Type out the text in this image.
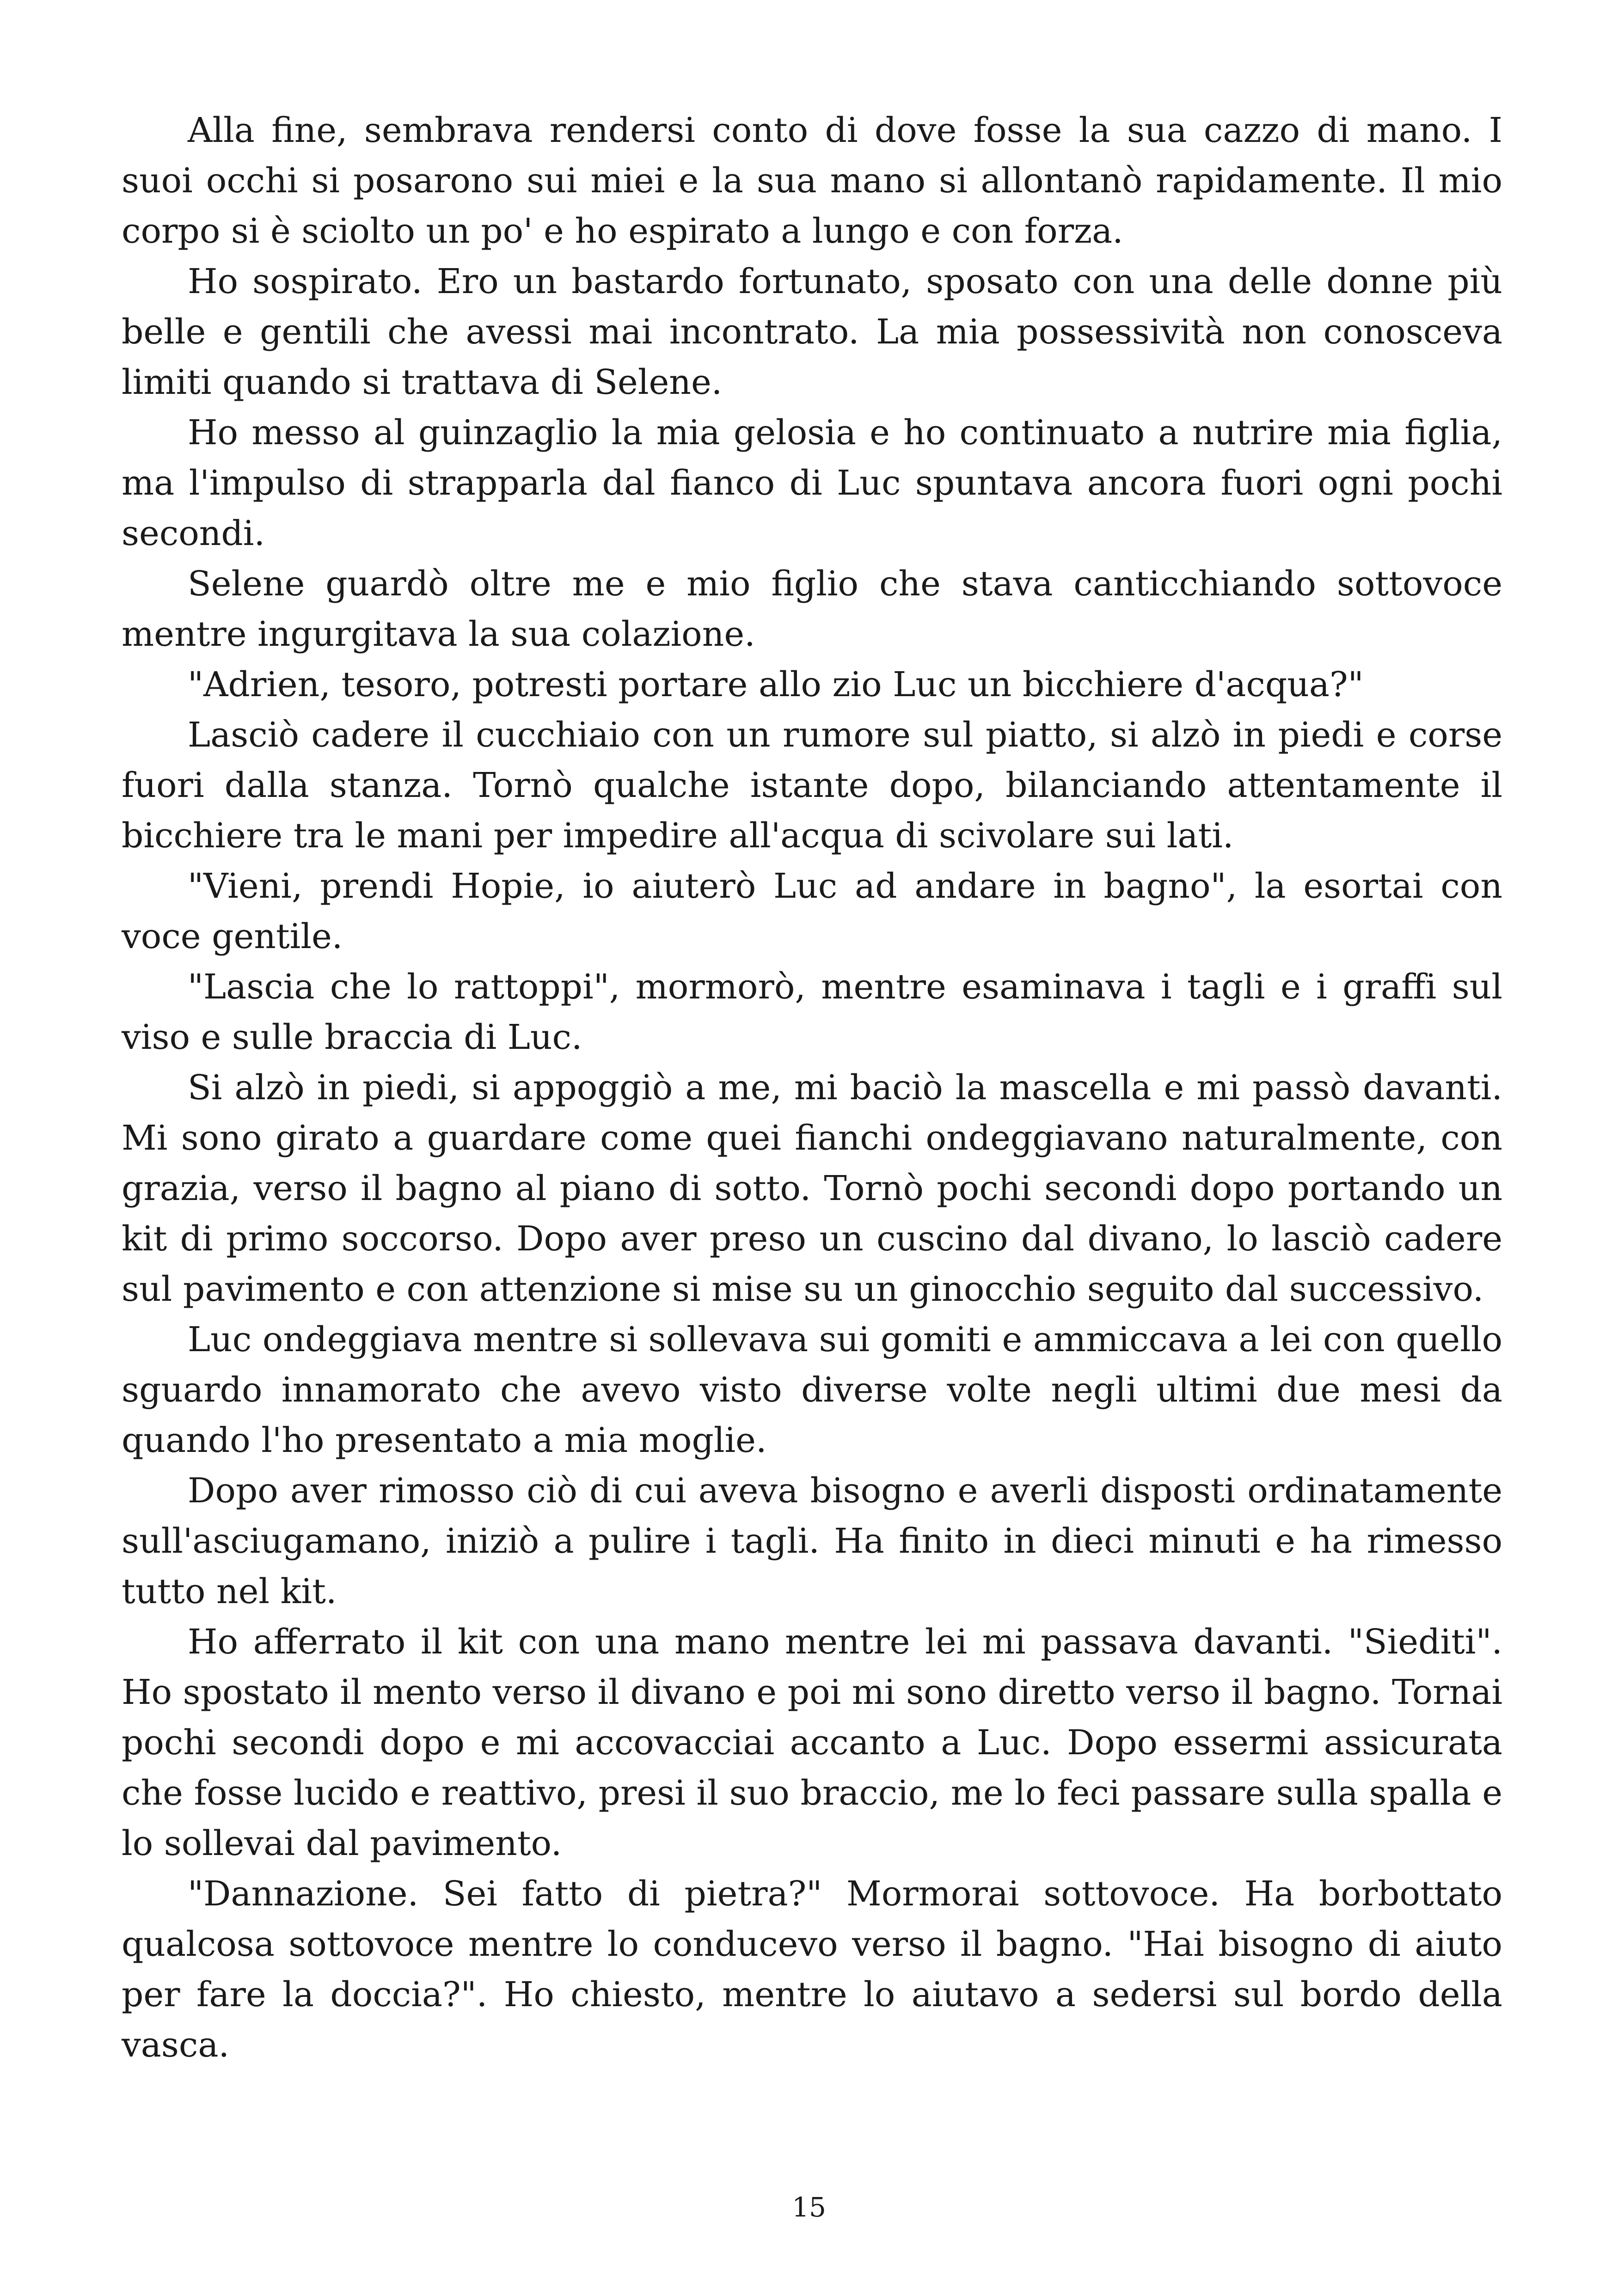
Alla fine, sembrava rendersi conto di dove fosse la sua cazzo di mano. I suoi occhi si posarono sui miei e la sua mano si allontanò rapidamente. Il mio corpo si è sciolto un po' e ho espirato a lungo e con forza.

Ho sospirato. Ero un bastardo fortunato, sposato con una delle donne più belle e gentili che avessi mai incontrato. La mia possessività non conosceva limiti quando si trattava di Selene.

Ho messo al guinzaglio la mia gelosia e ho continuato a nutrire mia figlia, ma l'impulso di strapparla dal fianco di Luc spuntava ancora fuori ogni pochi secondi.

Selene guardò oltre me e mio figlio che stava canticchiando sottovoce mentre ingurgitava la sua colazione.

"Adrien, tesoro, potresti portare allo zio Luc un bicchiere d'acqua?"

Lasciò cadere il cucchiaio con un rumore sul piatto, si alzò in piedi e corse fuori dalla stanza. Tornò qualche istante dopo, bilanciando attentamente il bicchiere tra le mani per impedire all'acqua di scivolare sui lati.

"Vieni, prendi Hopie, io aiuterò Luc ad andare in bagno", la esortai con voce gentile.

"Lascia che lo rattoppi", mormorò, mentre esaminava i tagli e i graffi sul viso e sulle braccia di Luc.

Si alzò in piedi, si appoggiò a me, mi baciò la mascella e mi passò davanti. Mi sono girato a guardare come quei fianchi ondeggiavano naturalmente, con grazia, verso il bagno al piano di sotto. Tornò pochi secondi dopo portando un kit di primo soccorso. Dopo aver preso un cuscino dal divano, lo lasciò cadere sul pavimento e con attenzione si mise su un ginocchio seguito dal successivo.

Luc ondeggiava mentre si sollevava sui gomiti e ammiccava a lei con quello sguardo innamorato che avevo visto diverse volte negli ultimi due mesi da quando l'ho presentato a mia moglie.

Dopo aver rimosso ciò di cui aveva bisogno e averli disposti ordinatamente sull'asciugamano, iniziò a pulire i tagli. Ha finito in dieci minuti e ha rimesso tutto nel kit.

Ho afferrato il kit con una mano mentre lei mi passava davanti. "Siediti". Ho spostato il mento verso il divano e poi mi sono diretto verso il bagno. Tornai pochi secondi dopo e mi accovacciai accanto a Luc. Dopo essermi assicurata che fosse lucido e reattivo, presi il suo braccio, me lo feci passare sulla spalla e lo sollevai dal pavimento.

"Dannazione. Sei fatto di pietra?" Mormorai sottovoce. Ha borbottato qualcosa sottovoce mentre lo conducevo verso il bagno. "Hai bisogno di aiuto per fare la doccia?". Ho chiesto, mentre lo aiutavo a sedersi sul bordo della vasca.

15
